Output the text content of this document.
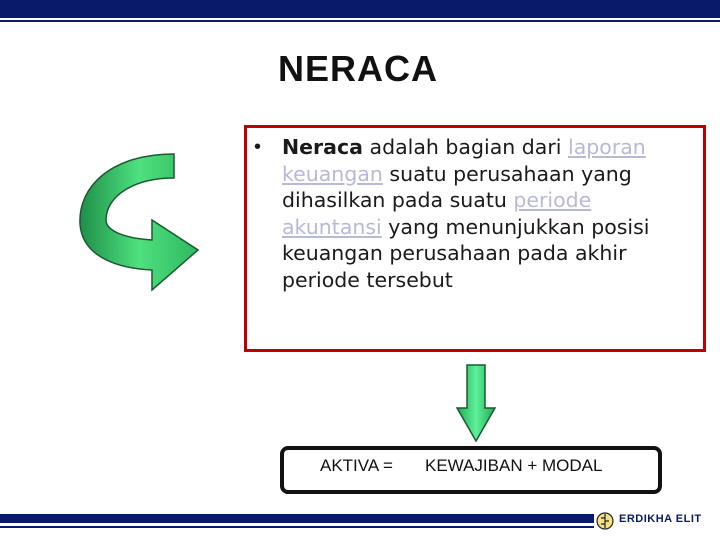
NERACA
• Neraca adalah bagian dari laporan keuangan suatu perusahaan yang dihasilkan pada suatu periode akuntansi yang menunjukkan posisi keuangan perusahaan pada akhir periode tersebut
AKTIVA = KEWAJIBAN + MODAL
ERDIKHA ELIT
